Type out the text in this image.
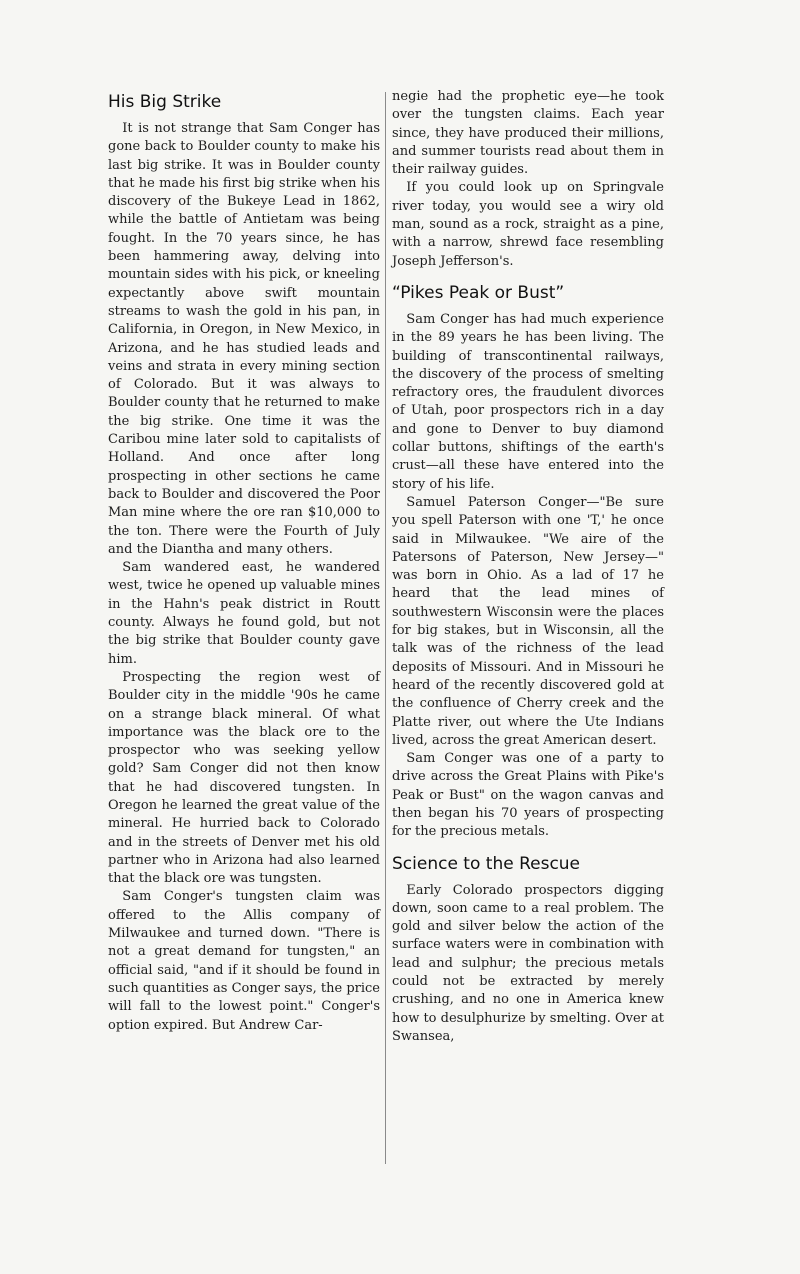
His Big Strike

It is not strange that Sam Conger has gone back to Boulder county to make his last big strike. It was in Boulder county that he made his first big strike when his discovery of the Bukeye Lead in 1862, while the battle of Antietam was being fought. In the 70 years since, he has been hammering away, delving into mountain sides with his pick, or kneeling expectantly above swift mountain streams to wash the gold in his pan, in California, in Oregon, in New Mexico, in Arizona, and he has studied leads and veins and strata in every mining section of Colorado. But it was always to Boulder county that he returned to make the big strike. One time it was the Caribou mine later sold to capitalists of Holland. And once after long prospecting in other sections he came back to Boulder and discovered the Poor Man mine where the ore ran $10,000 to the ton. There were the Fourth of July and the Diantha and many others.

Sam wandered east, he wandered west, twice he opened up valuable mines in the Hahn's peak district in Routt county. Always he found gold, but not the big strike that Boulder county gave him.

Prospecting the region west of Boulder city in the middle '90s he came on a strange black mineral. Of what importance was the black ore to the prospector who was seeking yellow gold? Sam Conger did not then know that he had discovered tungsten. In Oregon he learned the great value of the mineral. He hurried back to Colorado and in the streets of Denver met his old partner who in Arizona had also learned that the black ore was tungsten.

Sam Conger's tungsten claim was offered to the Allis company of Milwaukee and turned down. "There is not a great demand for tungsten," an official said, "and if it should be found in such quantities as Conger says, the price will fall to the lowest point." Conger's option expired. But Andrew Car-

negie had the prophetic eye—he took over the tungsten claims. Each year since, they have produced their millions, and summer tourists read about them in their railway guides.

If you could look up on Springvale river today, you would see a wiry old man, sound as a rock, straight as a pine, with a narrow, shrewd face resembling Joseph Jefferson's.

“Pikes Peak or Bust”

Sam Conger has had much experience in the 89 years he has been living. The building of transcontinental railways, the discovery of the process of smelting refractory ores, the fraudulent divorces of Utah, poor prospectors rich in a day and gone to Denver to buy diamond collar buttons, shiftings of the earth's crust—all these have entered into the story of his life.

Samuel Paterson Conger—"Be sure you spell Paterson with one 'T,' he once said in Milwaukee. "We aire of the Patersons of Paterson, New Jersey—" was born in Ohio. As a lad of 17 he heard that the lead mines of southwestern Wisconsin were the places for big stakes, but in Wisconsin, all the talk was of the richness of the lead deposits of Missouri. And in Missouri he heard of the recently discovered gold at the confluence of Cherry creek and the Platte river, out where the Ute Indians lived, across the great American desert.

Sam Conger was one of a party to drive across the Great Plains with Pike's Peak or Bust" on the wagon canvas and then began his 70 years of prospecting for the precious metals.

Science to the Rescue

Early Colorado prospectors digging down, soon came to a real problem. The gold and silver below the action of the surface waters were in combination with lead and sulphur; the precious metals could not be extracted by merely crushing, and no one in America knew how to desulphurize by smelting. Over at Swansea,
